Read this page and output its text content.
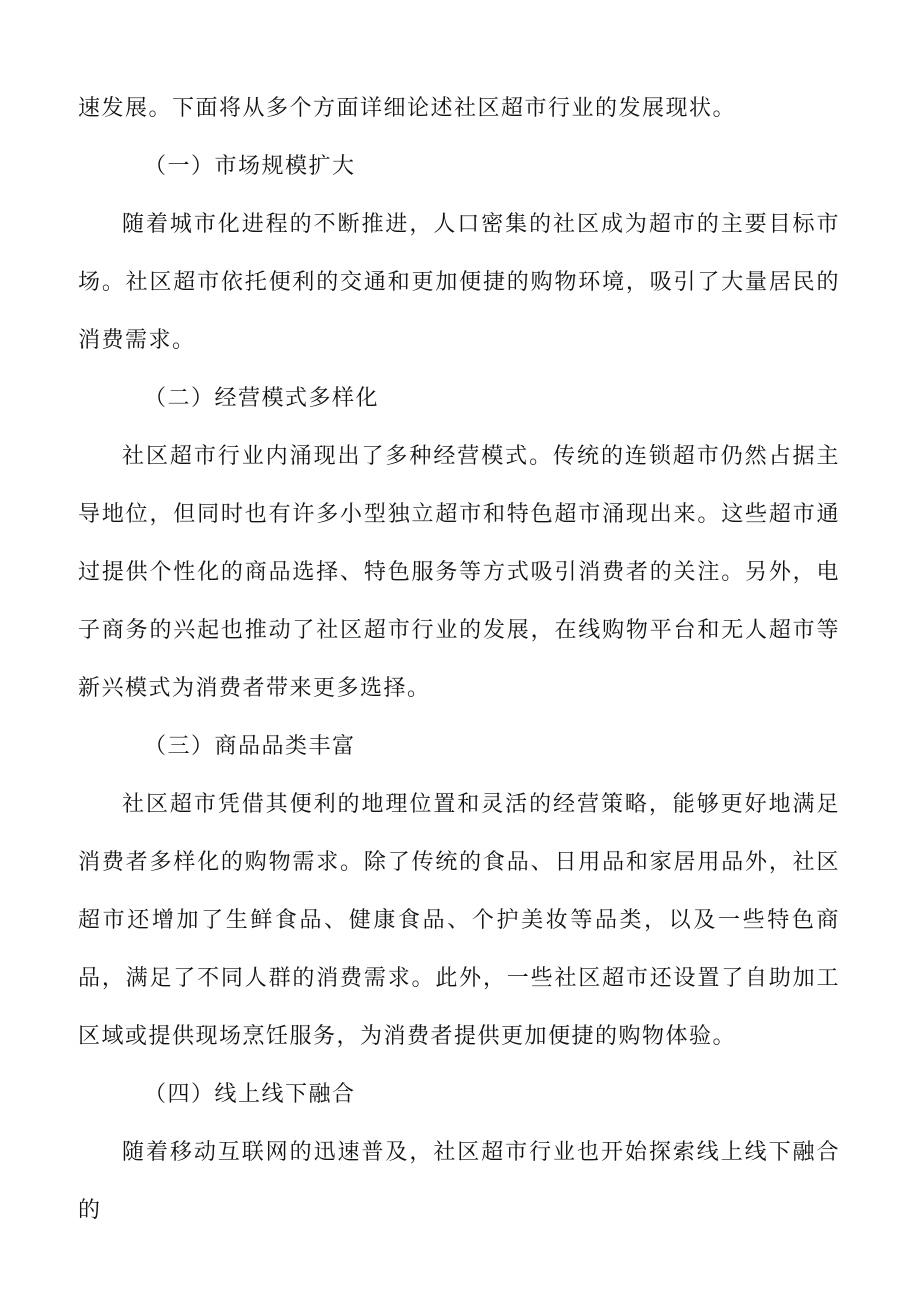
速发展。下面将从多个方面详细论述社区超市行业的发展现状。

（一）市场规模扩大

随着城市化进程的不断推进，人口密集的社区成为超市的主要目标市场。社区超市依托便利的交通和更加便捷的购物环境，吸引了大量居民的消费需求。

（二）经营模式多样化

社区超市行业内涌现出了多种经营模式。传统的连锁超市仍然占据主导地位，但同时也有许多小型独立超市和特色超市涌现出来。这些超市通过提供个性化的商品选择、特色服务等方式吸引消费者的关注。另外，电子商务的兴起也推动了社区超市行业的发展，在线购物平台和无人超市等新兴模式为消费者带来更多选择。

（三）商品品类丰富

社区超市凭借其便利的地理位置和灵活的经营策略，能够更好地满足消费者多样化的购物需求。除了传统的食品、日用品和家居用品外，社区超市还增加了生鲜食品、健康食品、个护美妆等品类，以及一些特色商品，满足了不同人群的消费需求。此外，一些社区超市还设置了自助加工区域或提供现场烹饪服务，为消费者提供更加便捷的购物体验。

（四）线上线下融合

随着移动互联网的迅速普及，社区超市行业也开始探索线上线下融合的
